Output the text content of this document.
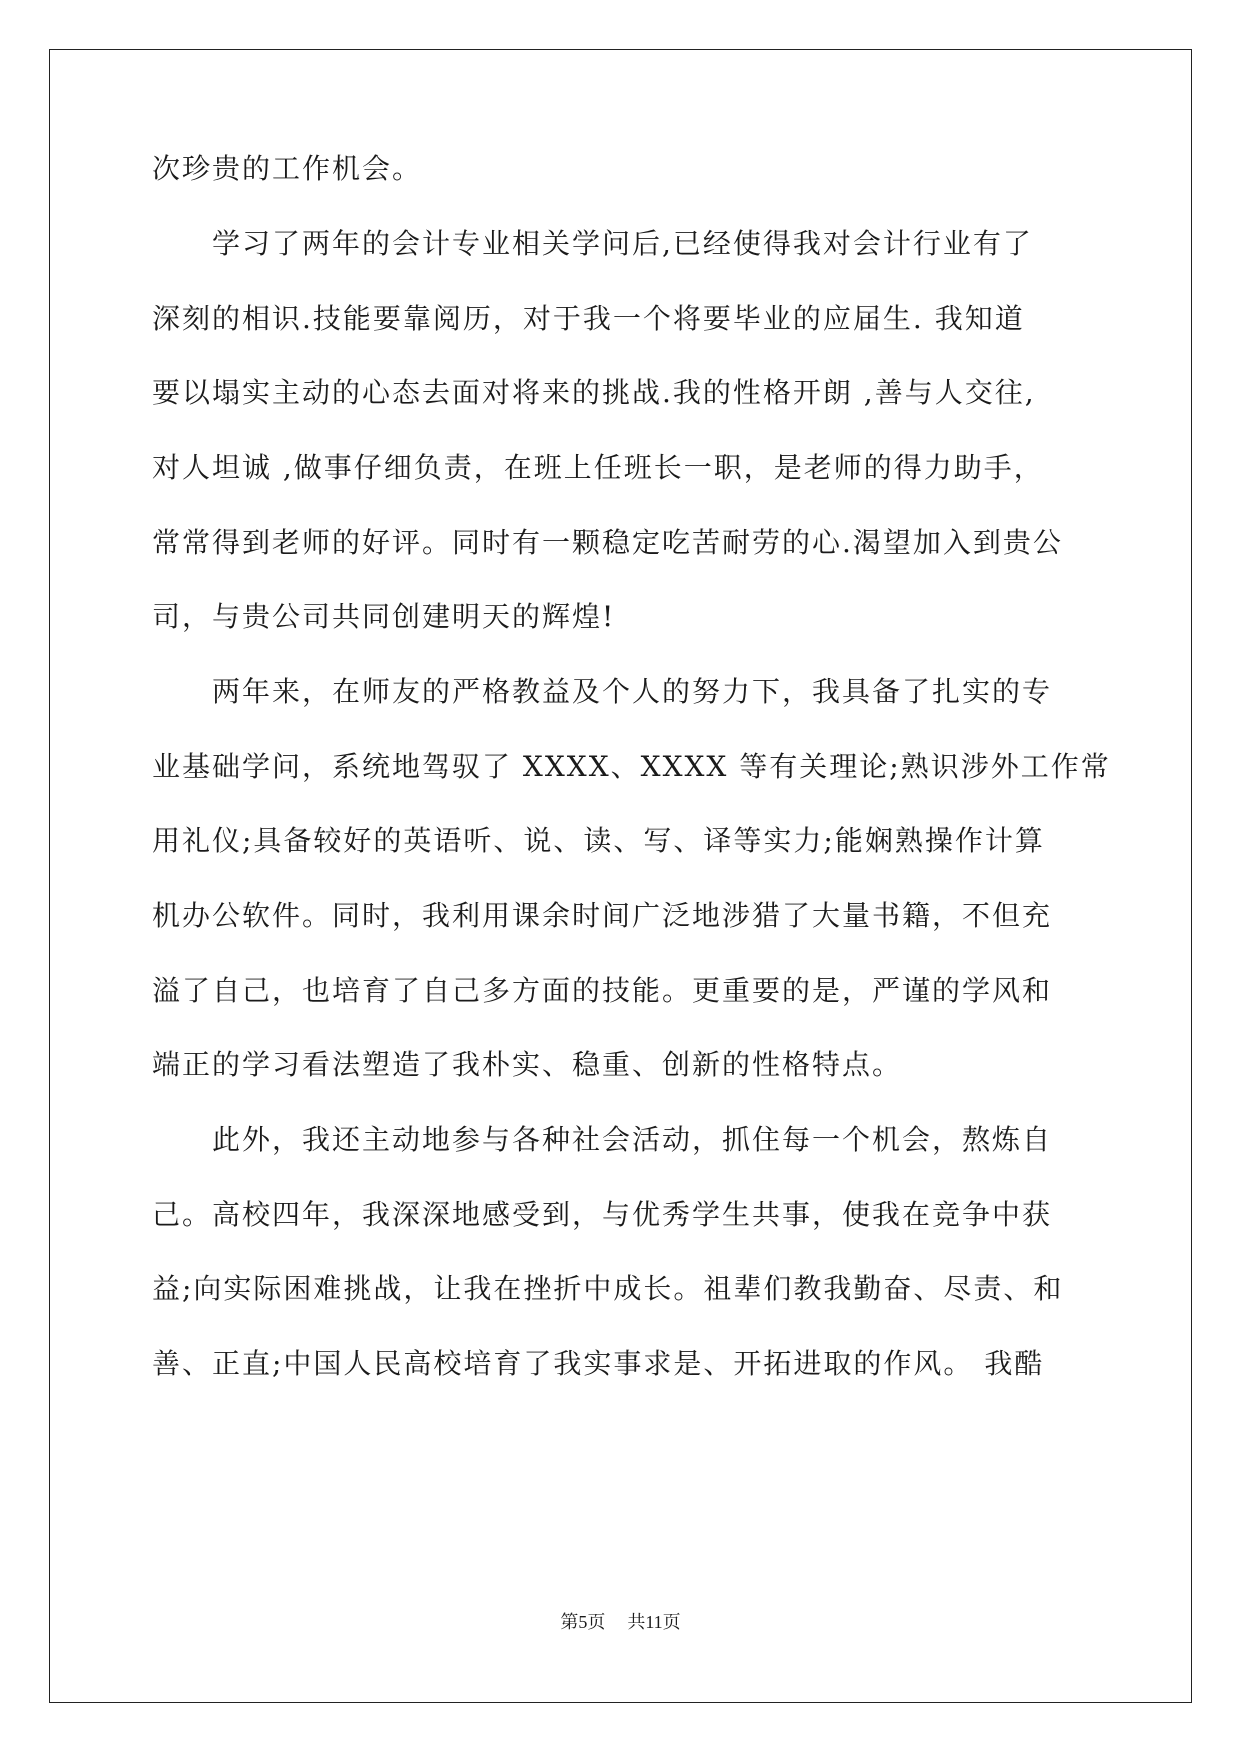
次珍贵的工作机会。
　　学习了两年的会计专业相关学问后,已经使得我对会计行业有了
深刻的相识.技能要靠阅历，对于我一个将要毕业的应届生. 我知道
要以塌实主动的心态去面对将来的挑战.我的性格开朗 ,善与人交往,
对人坦诚 ,做事仔细负责，在班上任班长一职，是老师的得力助手，
常常得到老师的好评。同时有一颗稳定吃苦耐劳的心.渴望加入到贵公
司，与贵公司共同创建明天的辉煌!
　　两年来，在师友的严格教益及个人的努力下，我具备了扎实的专
业基础学问，系统地驾驭了 XXXX、XXXX 等有关理论;熟识涉外工作常
用礼仪;具备较好的英语听、说、读、写、译等实力;能娴熟操作计算
机办公软件。同时，我利用课余时间广泛地涉猎了大量书籍，不但充
溢了自己，也培育了自己多方面的技能。更重要的是，严谨的学风和
端正的学习看法塑造了我朴实、稳重、创新的性格特点。
　　此外，我还主动地参与各种社会活动，抓住每一个机会，熬炼自
己。高校四年，我深深地感受到，与优秀学生共事，使我在竞争中获
益;向实际困难挑战，让我在挫折中成长。祖辈们教我勤奋、尽责、和
善、正直;中国人民高校培育了我实事求是、开拓进取的作风。 我酷
第5页 共11页
